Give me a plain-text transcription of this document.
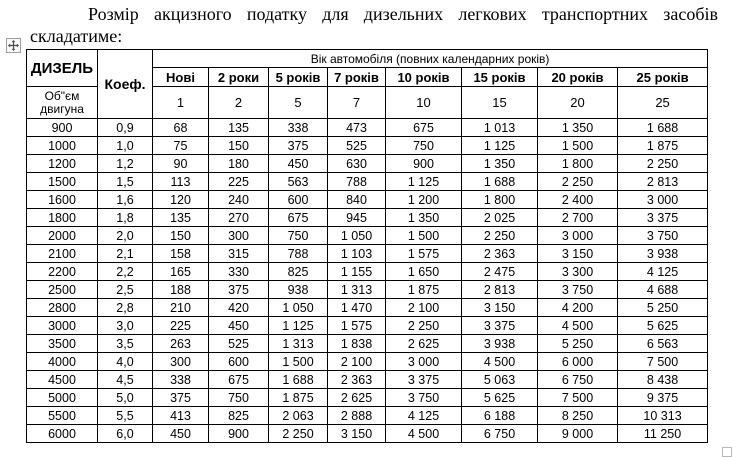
Розмір акцизного податку для дизельних легкових транспортних засобів
складатиме:
ДИЗЕЛЬ	Коеф.	Вік автомобіля (повних календарних років)							
		Нові	2 роки	5 років	7 років	10 років	15 років	20 років	25 років
Об"єм двигуна		1	2	5	7	10	15	20	25
900	0,9	68	135	338	473	675	1 013	1 350	1 688
1000	1,0	75	150	375	525	750	1 125	1 500	1 875
1200	1,2	90	180	450	630	900	1 350	1 800	2 250
1500	1,5	113	225	563	788	1 125	1 688	2 250	2 813
1600	1,6	120	240	600	840	1 200	1 800	2 400	3 000
1800	1,8	135	270	675	945	1 350	2 025	2 700	3 375
2000	2,0	150	300	750	1 050	1 500	2 250	3 000	3 750
2100	2,1	158	315	788	1 103	1 575	2 363	3 150	3 938
2200	2,2	165	330	825	1 155	1 650	2 475	3 300	4 125
2500	2,5	188	375	938	1 313	1 875	2 813	3 750	4 688
2800	2,8	210	420	1 050	1 470	2 100	3 150	4 200	5 250
3000	3,0	225	450	1 125	1 575	2 250	3 375	4 500	5 625
3500	3,5	263	525	1 313	1 838	2 625	3 938	5 250	6 563
4000	4,0	300	600	1 500	2 100	3 000	4 500	6 000	7 500
4500	4,5	338	675	1 688	2 363	3 375	5 063	6 750	8 438
5000	5,0	375	750	1 875	2 625	3 750	5 625	7 500	9 375
5500	5,5	413	825	2 063	2 888	4 125	6 188	8 250	10 313
6000	6,0	450	900	2 250	3 150	4 500	6 750	9 000	11 250
